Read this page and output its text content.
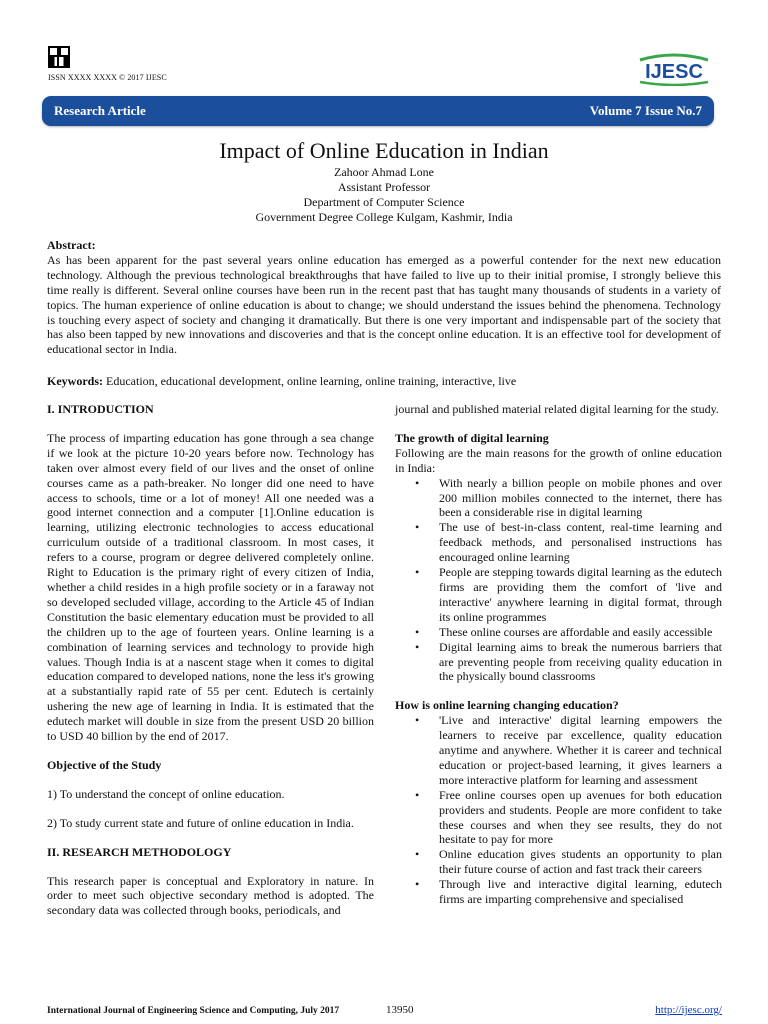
ISSN XXXX XXXX © 2017 IJESC	IJESC
Research Article	Volume 7 Issue No.7
Impact of Online Education in Indian
Zahoor Ahmad Lone
Assistant Professor
Department of Computer Science
Government Degree College Kulgam, Kashmir, India
Abstract:
As has been apparent for the past several years online education has emerged as a powerful contender for the next new education technology. Although the previous technological breakthroughs that have failed to live up to their initial promise, I strongly believe this time really is different. Several online courses have been run in the recent past that has taught many thousands of students in a variety of topics. The human experience of online education is about to change; we should understand the issues behind the phenomena. Technology is touching every aspect of society and changing it dramatically. But there is one very important and indispensable part of the society that has also been tapped by new innovations and discoveries and that is the concept online education. It is an effective tool for development of educational sector in India.
Keywords: Education, educational development, online learning, online training, interactive, live

I. INTRODUCTION

The process of imparting education has gone through a sea change if we look at the picture 10-20 years before now. Technology has taken over almost every field of our lives and the onset of online courses came as a path-breaker. No longer did one need to have access to schools, time or a lot of money! All one needed was a good internet connection and a computer [1].Online education is learning, utilizing electronic technologies to access educational curriculum outside of a traditional classroom. In most cases, it refers to a course, program or degree delivered completely online. Right to Education is the primary right of every citizen of India, whether a child resides in a high profile society or in a faraway not so developed secluded village, according to the Article 45 of Indian Constitution the basic elementary education must be provided to all the children up to the age of fourteen years. Online learning is a combination of learning services and technology to provide high values. Though India is at a nascent stage when it comes to digital education compared to developed nations, none the less it's growing at a substantially rapid rate of 55 per cent. Edutech is certainly ushering the new age of learning in India. It is estimated that the edutech market will double in size from the present USD 20 billion to USD 40 billion by the end of 2017.

Objective of the Study

1) To understand the concept of online education.

2) To study current state and future of online education in India.

II. RESEARCH METHODOLOGY

This research paper is conceptual and Exploratory in nature. In order to meet such objective secondary method is adopted. The secondary data was collected through books, periodicals, and

journal and published material related digital learning for the study.

The growth of digital learning

Following are the main reasons for the growth of online education in India:

• With nearly a billion people on mobile phones and over 200 million mobiles connected to the internet, there has been a considerable rise in digital learning
• The use of best-in-class content, real-time learning and feedback methods, and personalised instructions has encouraged online learning
• People are stepping towards digital learning as the edutech firms are providing them the comfort of 'live and interactive' anywhere learning in digital format, through its online programmes
• These online courses are affordable and easily accessible
• Digital learning aims to break the numerous barriers that are preventing people from receiving quality education in the physically bound classrooms

How is online learning changing education?

• 'Live and interactive' digital learning empowers the learners to receive par excellence, quality education anytime and anywhere. Whether it is career and technical education or project-based learning, it gives learners a more interactive platform for learning and assessment
• Free online courses open up avenues for both education providers and students. People are more confident to take these courses and when they see results, they do not hesitate to pay for more
• Online education gives students an opportunity to plan their future course of action and fast track their careers
• Through live and interactive digital learning, edutech firms are imparting comprehensive and specialised
International Journal of Engineering Science and Computing, July 2017	13950	http://ijesc.org/
